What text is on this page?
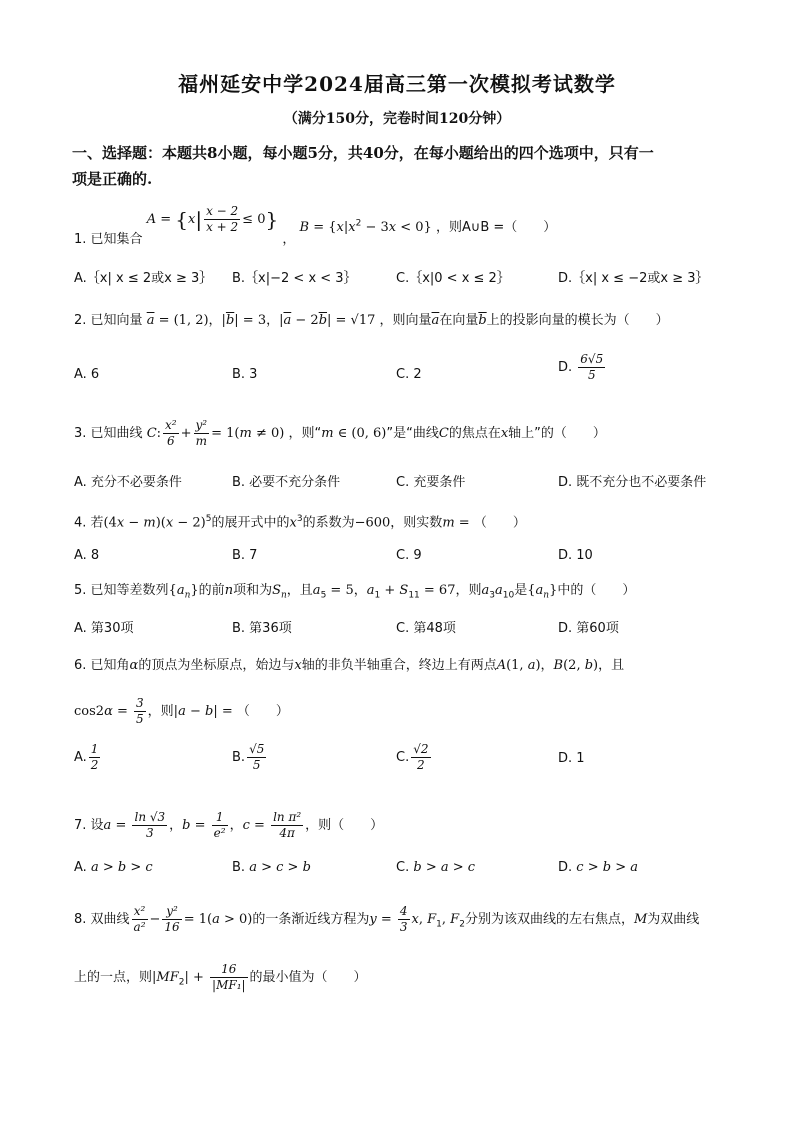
福州延安中学2024届高三第一次模拟考试数学
（满分150分，完卷时间120分钟）
一、选择题：本题共8小题，每小题5分，共40分，在每小题给出的四个选项中，只有一
项是正确的.
1. 已知集合 $A = \{x| \frac{x - 2}{x + 2} \le 0\}$ ， $B = \{x|x^2 - 3x < 0\}$ ，则A∪B =（　　）
A.｛x| x ≤ 2或x ≥ 3｝ B.｛x|−2 < x < 3｝	C.｛x|0 < x ≤ 2｝	D.｛x| x ≤ −2或x ≥ 3｝
2. 已知向量 $\overline{a} = (1$, 2)，$|\overline{b}| = 3$，$|\overline{a} - 2\overline{b}| = √17$ ，则向量$\overline{a}$在向量$\overline{b}$上的投影向量的模长为（　　）
A. 6	B. 3	C. 2	D. $\frac{6√5}{5}$
3. 已知曲线 C: $\frac{\text{x²}}{6} + \frac{\text{y²}}{m} = 1(m \ne 0)$ ，则“m ∈ (0, 6)”是“曲线C的焦点在x轴上”的（　　）
A. 充分不必要条件	B. 必要不充分条件	C. 充要条件	D. 既不充分也不必要条件
4. 若$(4x - m)(x - 2)^5$的展开式中的$x^3$的系数为−600，则实数m = （　　）
A. 8	B. 7	C. 9	D. 10
5. 已知等差数列$\{a_n\}$的前n项和为$S_n$，且$a_5 = 5$，$a_1 + S_{11} = 67$，则$a_3a_{10}$是$\{a_n\}$中的（　　）
A. 第30项	B. 第36项	C. 第48项	D. 第60项
6. 已知角α的顶点为坐标原点，始边与x轴的非负半轴重合，终边上有两点A(1, a)，B(2, b)，且
$\cos 2\alpha = \frac{3}{5}$ ，则|a − b| = （　　）
A. $\frac{1}{2}$	B. $\frac{√5}{5}$	C. $\frac{√2}{2}$	D. 1
7. 设$a = \frac{\ln √3}{3}$ ，$b = \frac{1}{\text{e²}}$ ，$c = \frac{\text{ln π²}}{4\pi}$ ，则（　　）
A. a > b > c	B. a > c > b	C. b > a > c	D. c > b > a
8. 双曲线 $\frac{\text{x²}}{\text{a²}} - \frac{\text{y²}}{16} = 1(a > 0)$的一条渐近线方程为$y = \frac{4}{3} x$, $F_1$, $F_2$分别为该双曲线的左右焦点，M为双曲线
上的一点，则$|MF_2| + \frac{16}{\text{|MF₁|}}$ 的最小值为（　　）
